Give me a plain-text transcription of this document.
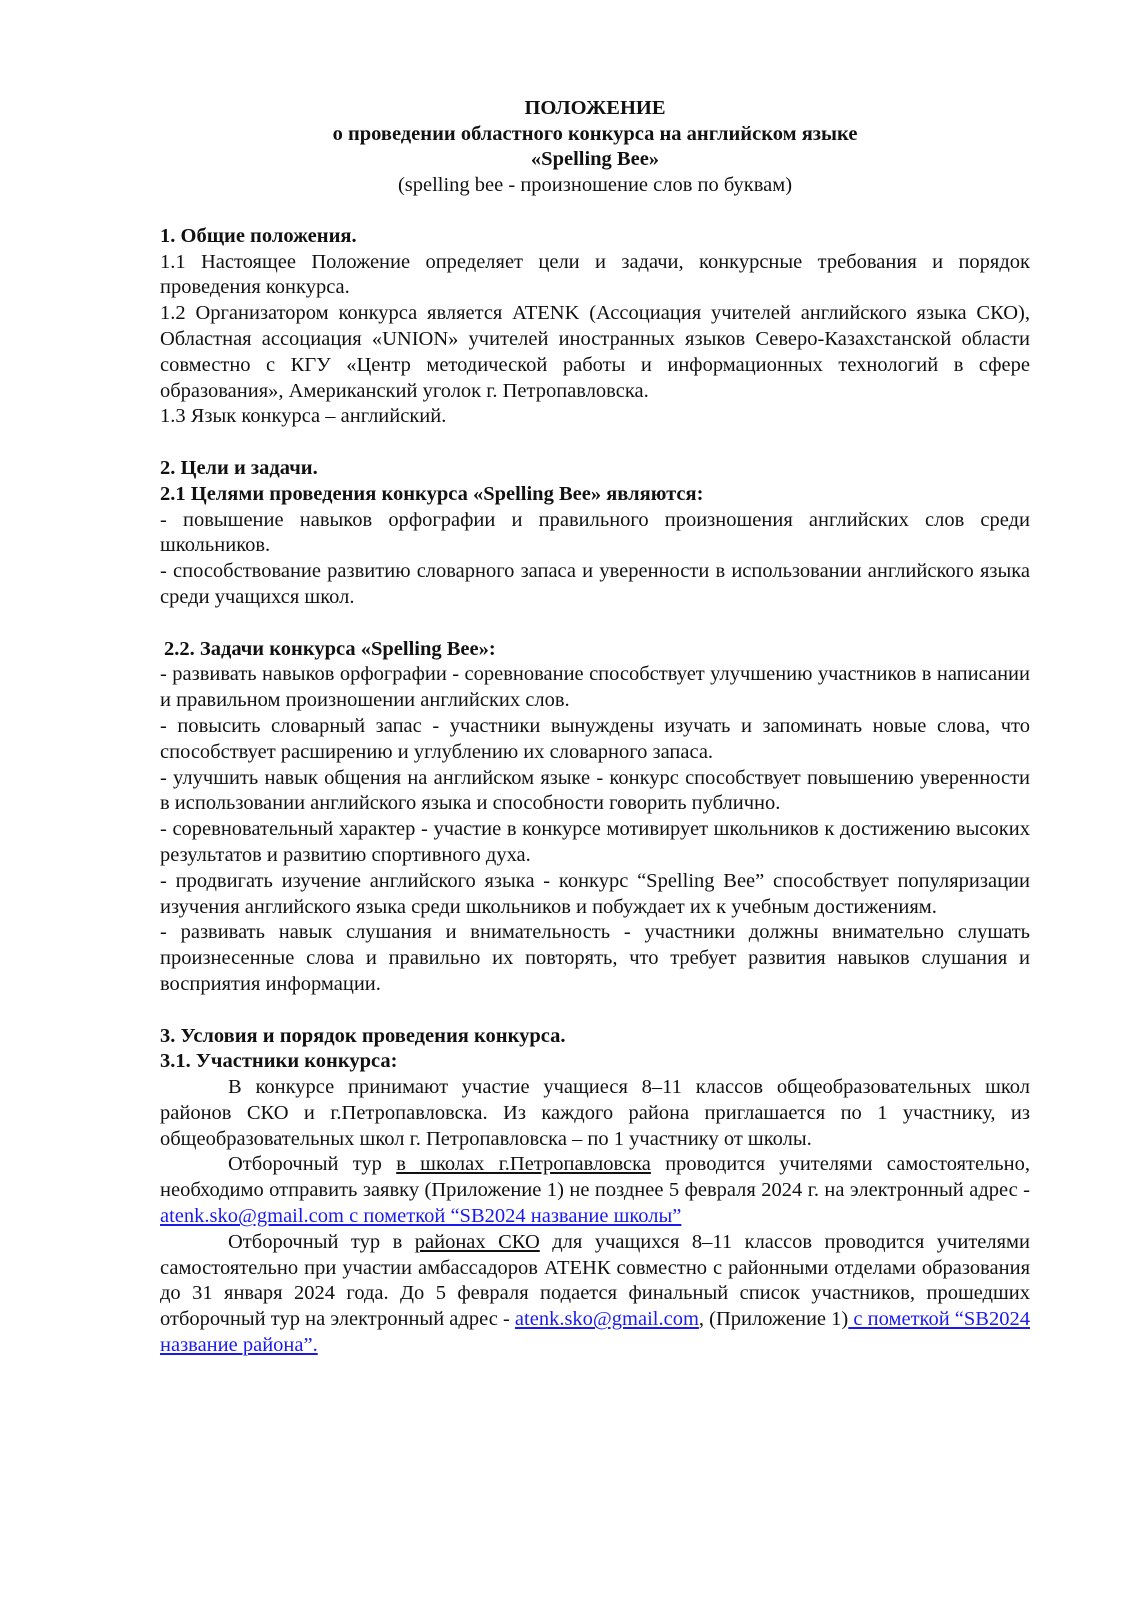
ПОЛОЖЕНИЕ

о проведении областного конкурса на английском языке

«Spelling Bee»

(spelling bee - произношение слов по буквам)

1. Общие положения.

1.1 Настоящее Положение определяет цели и задачи, конкурсные требования и порядок проведения конкурса.

1.2 Организатором конкурса является ATENK (Ассоциация учителей английского языка СКО), Областная ассоциация «UNION» учителей иностранных языков Северо-Казахстанской области совместно с КГУ «Центр методической работы и информационных технологий в сфере образования», Американский уголок г. Петропавловска.

1.3 Язык конкурса – английский.

2. Цели и задачи.

2.1 Целями проведения конкурса «Spelling Bee» являются:

- повышение навыков орфографии и правильного произношения английских слов среди школьников.

- способствование развитию словарного запаса и уверенности в использовании английского языка среди учащихся школ.

2.2. Задачи конкурса «Spelling Bee»:

- развивать навыков орфографии - соревнование способствует улучшению участников в написании и правильном произношении английских слов.

- повысить словарный запас - участники вынуждены изучать и запоминать новые слова, что способствует расширению и углублению их словарного запаса.

- улучшить навык общения на английском языке - конкурс способствует повышению уверенности в использовании английского языка и способности говорить публично.

- соревновательный характер - участие в конкурсе мотивирует школьников к достижению высоких результатов и развитию спортивного духа.

- продвигать изучение английского языка - конкурс “Spelling Bee” способствует популяризации изучения английского языка среди школьников и побуждает их к учебным достижениям.

- развивать навык слушания и внимательность - участники должны внимательно слушать произнесенные слова и правильно их повторять, что требует развития навыков слушания и восприятия информации.

3. Условия и порядок проведения конкурса.

3.1. Участники конкурса:

В конкурсе принимают участие учащиеся 8–11 классов общеобразовательных школ районов СКО и г.Петропавловска. Из каждого района приглашается по 1 участнику, из общеобразовательных школ г. Петропавловска – по 1 участнику от школы.

Отборочный тур в школах г.Петропавловска проводится учителями самостоятельно, необходимо отправить заявку (Приложение 1) не позднее 5 февраля 2024 г. на электронный адрес - atenk.sko@gmail.com с пометкой “SB2024 название школы”

Отборочный тур в районах СКО для учащихся 8–11 классов проводится учителями самостоятельно при участии амбассадоров АТЕНК совместно с районными отделами образования до 31 января 2024 года. До 5 февраля подается финальный список участников, прошедших отборочный тур на электронный адрес - atenk.sko@gmail.com, (Приложение 1) с пометкой “SB2024 название района”.
